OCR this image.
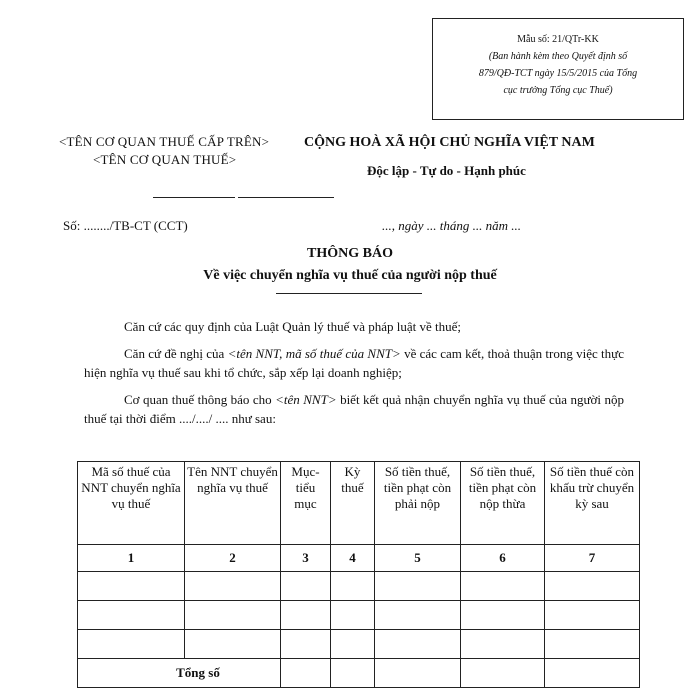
Mẫu số: 21/QTr-KK
(Ban hành kèm theo Quyết định số
879/QĐ-TCT ngày 15/5/2015 của Tổng
cục trưởng Tổng cục Thuế)
<TÊN CƠ QUAN THUẾ CẤP TRÊN>
<TÊN CƠ QUAN THUẾ>
CỘNG HOÀ XÃ HỘI CHỦ NGHĨA VIỆT NAM
Độc lập - Tự do - Hạnh phúc
Số: ......../TB-CT (CCT)	..., ngày ... tháng ... năm ...
THÔNG BÁO
Về việc chuyển nghĩa vụ thuế của người nộp thuế
Căn cứ các quy định của Luật Quản lý thuế và pháp luật về thuế;
Căn cứ đề nghị của <tên NNT, mã số thuế của NNT> về các cam kết, thoả thuận trong việc thực hiện nghĩa vụ thuế sau khi tổ chức, sắp xếp lại doanh nghiệp;
Cơ quan thuế thông báo cho <tên NNT> biết kết quả nhận chuyển nghĩa vụ thuế của người nộp thuế tại thời điểm ..../..../ .... như sau:
Mã số thuế của NNT chuyển nghĩa vụ thuế	Tên NNT chuyển nghĩa vụ thuế	Mục-tiểu mục	Kỳ thuế	Số tiền thuế, tiền phạt còn phải nộp	Số tiền thuế, tiền phạt còn nộp thừa	Số tiền thuế còn khấu trừ chuyển kỳ sau
1	2	3	4	5	6	7

Tổng số						
